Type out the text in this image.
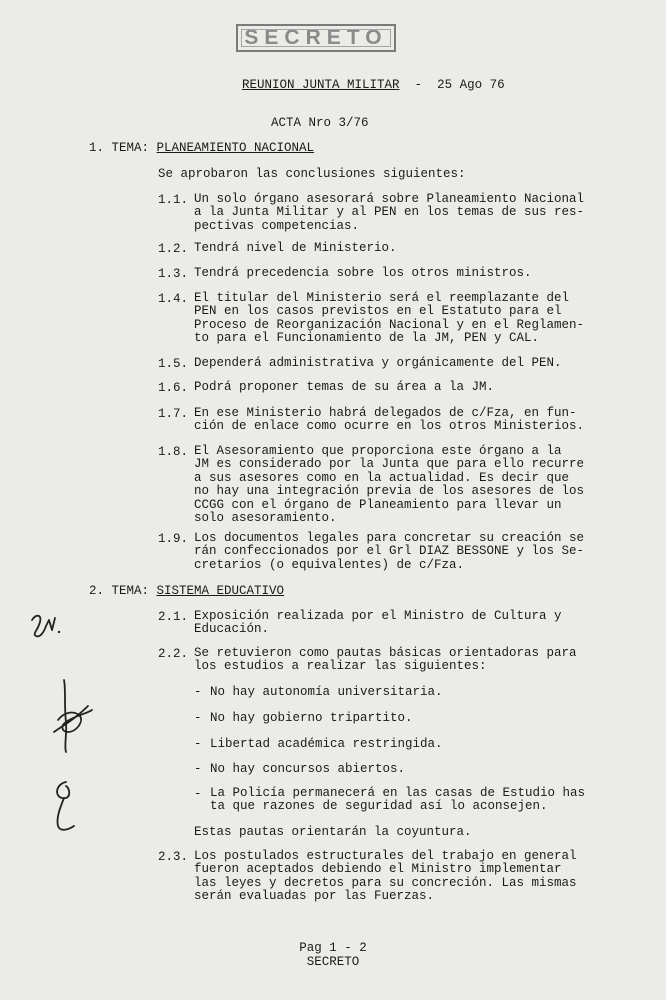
SECRETO
REUNION JUNTA MILITAR - 25 Ago 76
ACTA Nro 3/76
1. TEMA: PLANEAMIENTO NACIONAL
Se aprobaron las conclusiones siguientes:
1.1. Un solo órgano asesorará sobre Planeamiento Nacional
a la Junta Militar y al PEN en los temas de sus res-
pectivas competencias.
1.2. Tendrá nivel de Ministerio.
1.3. Tendrá precedencia sobre los otros ministros.
1.4. El titular del Ministerio será el reemplazante del
PEN en los casos previstos en el Estatuto para el
Proceso de Reorganización Nacional y en el Reglamen-
to para el Funcionamiento de la JM, PEN y CAL.
1.5. Dependerá administrativa y orgánicamente del PEN.
1.6. Podrá proponer temas de su área a la JM.
1.7. En ese Ministerio habrá delegados de c/Fza, en fun-
ción de enlace como ocurre en los otros Ministerios.
1.8. El Asesoramiento que proporciona este órgano a la
JM es considerado por la Junta que para ello recurre
a sus asesores como en la actualidad. Es decir que
no hay una integración previa de los asesores de los
CCGG con el órgano de Planeamiento para llevar un
solo asesoramiento.
1.9. Los documentos legales para concretar su creación se
rán confeccionados por el Grl DIAZ BESSONE y los Se-
cretarios (o equivalentes) de c/Fza.
2. TEMA: SISTEMA EDUCATIVO
2.1. Exposición realizada por el Ministro de Cultura y
Educación.
2.2. Se retuvieron como pautas básicas orientadoras para
los estudios a realizar las siguientes:
- No hay autonomía universitaria.
- No hay gobierno tripartito.
- Libertad académica restringida.
- No hay concursos abiertos.
- La Policía permanecerá en las casas de Estudio has
ta que razones de seguridad así lo aconsejen.
Estas pautas orientarán la coyuntura.
2.3. Los postulados estructurales del trabajo en general
fueron aceptados debiendo el Ministro implementar
las leyes y decretos para su concreción. Las mismas
serán evaluadas por las Fuerzas.
Pag 1 - 2
SECRETO
